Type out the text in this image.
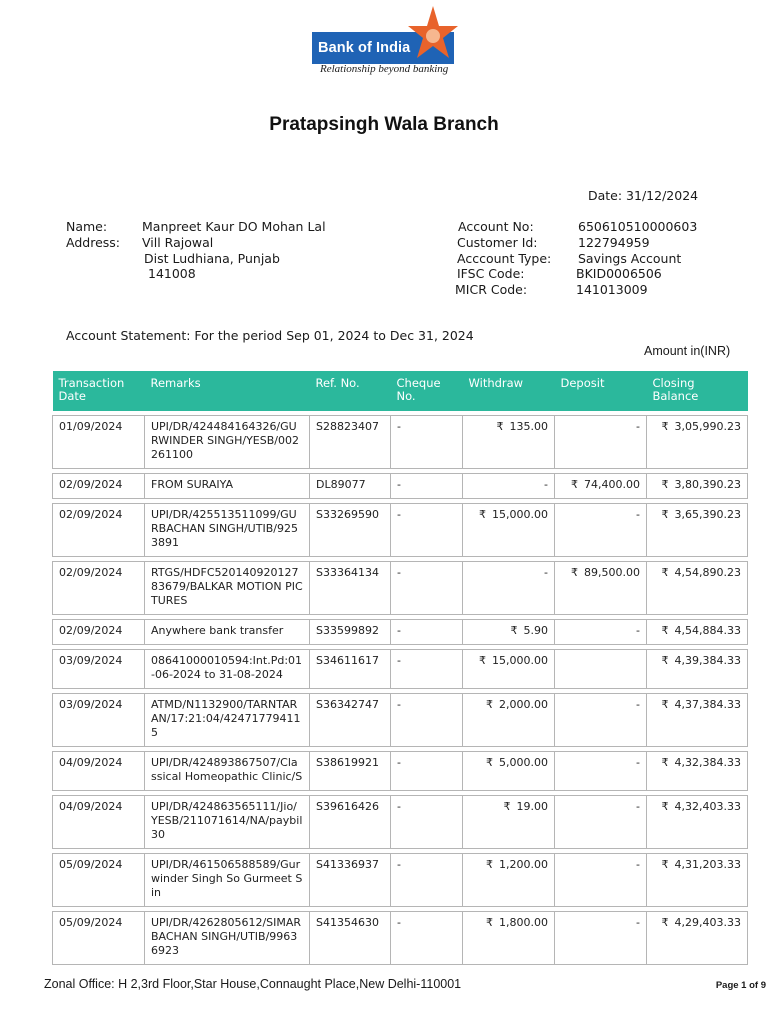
Bank of India
Relationship beyond banking
Pratapsingh Wala Branch
Date: 31/12/2024
Name:	Manpreet Kaur DO Mohan Lal
Address: Vill Rajowal
Dist Ludhiana, Punjab
141008
Account No:	650610510000603
Customer Id:	122794959
Acccount Type: Savings Account
IFSC Code:	BKID0006506
MICR Code:	141013009
Account Statement: For the period Sep 01, 2024 to Dec 31, 2024
Amount in(INR)
Transaction Date	Remarks	Ref. No.	Cheque No.	Withdraw	Deposit	Closing Balance

01/09/2024	UPI/DR/424484164326/GURWINDER SINGH/YESB/002261100	S28823407	-	₹ 135.00	-	₹ 3,05,990.23

02/09/2024	FROM SURAIYA	DL89077	-	-	₹ 74,400.00	₹ 3,80,390.23

02/09/2024	UPI/DR/425513511099/GURBACHAN SINGH/UTIB/9253891	S33269590	-	₹ 15,000.00	-	₹ 3,65,390.23

02/09/2024	RTGS/HDFC52014092012783679/BALKAR MOTION PICTURES	S33364134	-	-	₹ 89,500.00	₹ 4,54,890.23

02/09/2024	Anywhere bank transfer	S33599892	-	₹ 5.90	-	₹ 4,54,884.33

03/09/2024	08641000010594:Int.Pd:01-06-2024 to 31-08-2024	S34611617	-	₹ 15,000.00		₹ 4,39,384.33

03/09/2024	ATMD/N1132900/TARNTARAN/17:21:04/424717794115	S36342747	-	₹ 2,000.00	-	₹ 4,37,384.33

04/09/2024	UPI/DR/424893867507/Classical Homeopathic Clinic/S	S38619921	-	₹ 5,000.00	-	₹ 4,32,384.33

04/09/2024	UPI/DR/424863565111/Jio/YESB/211071614/NA/paybil30	S39616426	-	₹ 19.00	-	₹ 4,32,403.33

05/09/2024	UPI/DR/461506588589/Gurwinder Singh So Gurmeet Sin	S41336937	-	₹ 1,200.00	-	₹ 4,31,203.33

05/09/2024	UPI/DR/4262805612/SIMARBACHAN SINGH/UTIB/99636923	S41354630	-	₹ 1,800.00	-	₹ 4,29,403.33
Zonal Office: H 2,3rd Floor,Star House,Connaught Place,New Delhi-110001	Page 1 of 9
